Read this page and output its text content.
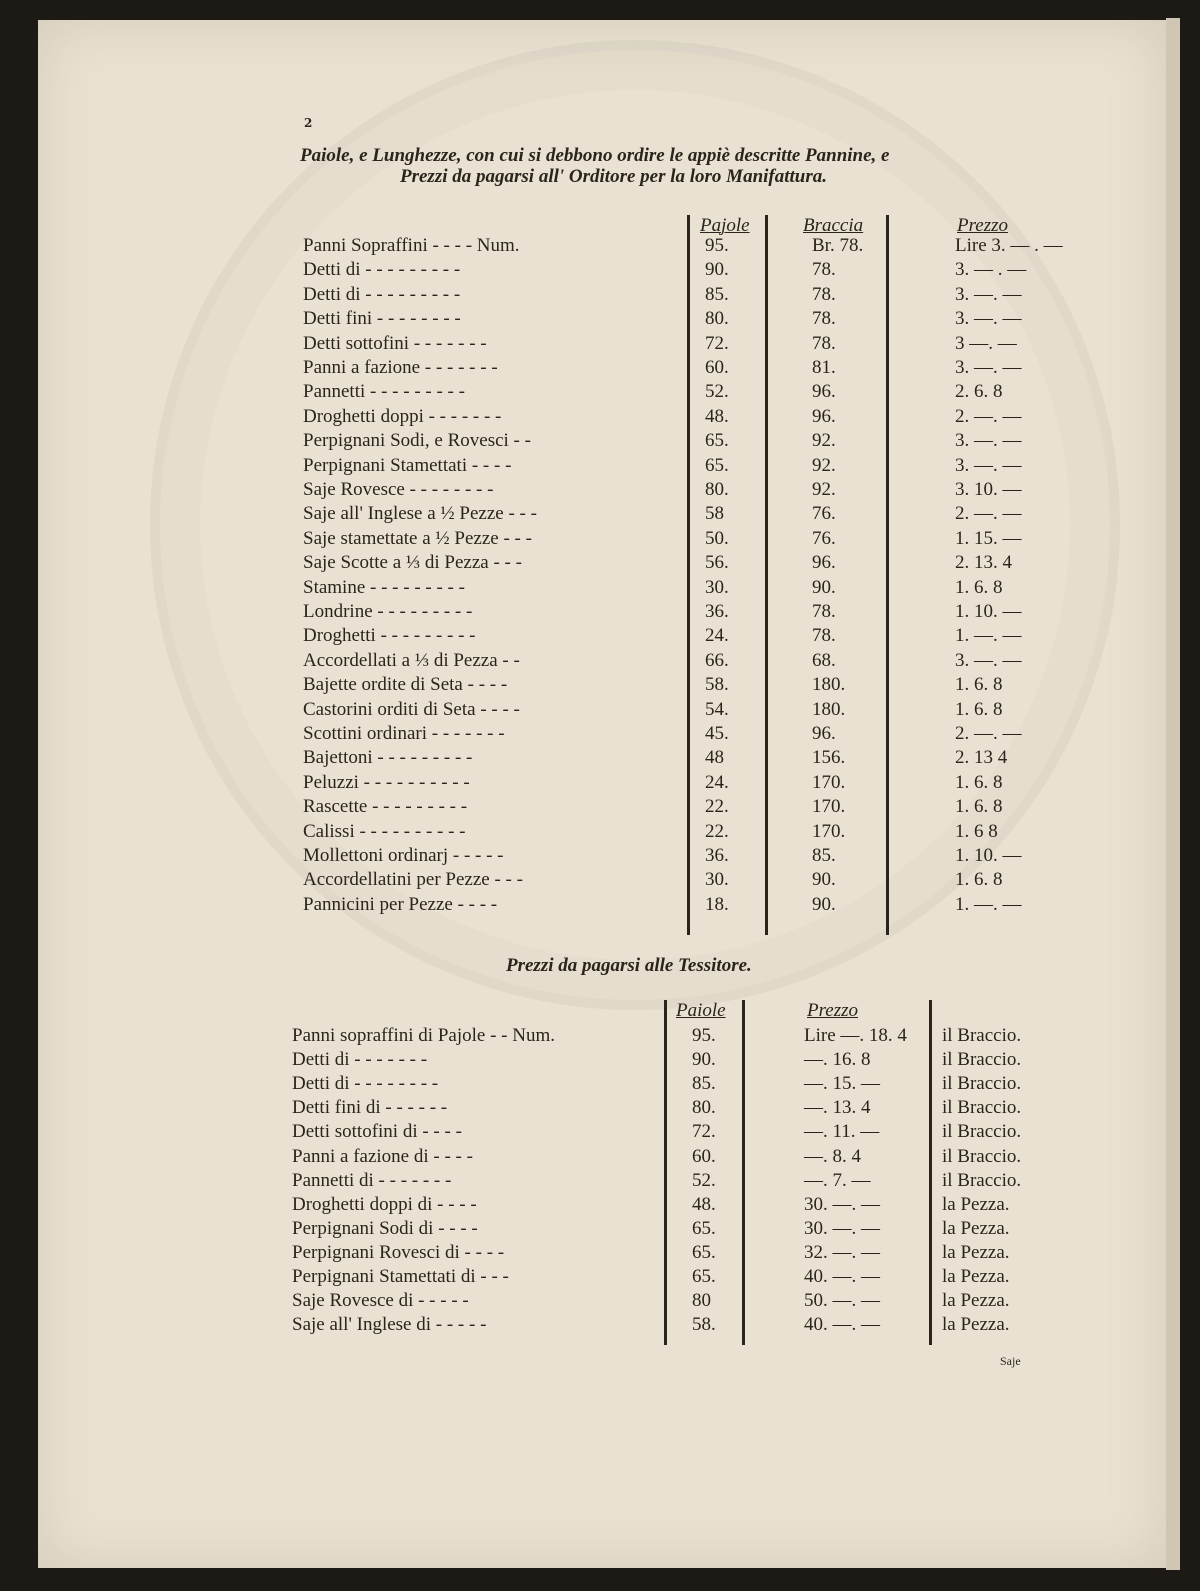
2
Paiole, e Lunghezze, con cui si debbono ordire le appiè descritte Pannine, e
Prezzi da pagarsi all' Orditore per la loro Manifattura.
Pajole	Braccia	Prezzo
Panni Sopraffini - - - - Num.	95.	Br. 78.	Lire 3. — . —
Detti di - - - - - - - - -	90.	78.	3. — . —
Detti di - - - - - - - - -	85.	78.	3. —. —
Detti fini - - - - - - - -	80.	78.	3. —. —
Detti sottofini - - - - - - -	72.	78.	3 —. —
Panni a fazione - - - - - - -	60.	81.	3. —. —
Pannetti - - - - - - - - -	52.	96.	2. 6. 8
Droghetti doppi - - - - - - -	48.	96.	2. —. —
Perpignani Sodi, e Rovesci - -	65.	92.	3. —. —
Perpignani Stamettati - - - -	65.	92.	3. —. —
Saje Rovesce - - - - - - - -	80.	92.	3. 10. —
Saje all' Inglese a ½ Pezze - - -	58	76.	2. —. —
Saje stamettate a ½ Pezze - - -	50.	76.	1. 15. —
Saje Scotte a ⅓ di Pezza - - -	56.	96.	2. 13. 4
Stamine - - - - - - - - -	30.	90.	1. 6. 8
Londrine - - - - - - - - -	36.	78.	1. 10. —
Droghetti - - - - - - - - -	24.	78.	1. —. —
Accordellati a ⅓ di Pezza - -	66.	68.	3. —. —
Bajette ordite di Seta - - - -	58.	180.	1. 6. 8
Castorini orditi di Seta - - - -	54.	180.	1. 6. 8
Scottini ordinari - - - - - - -	45.	96.	2. —. —
Bajettoni - - - - - - - - -	48	156.	2. 13 4
Peluzzi - - - - - - - - - -	24.	170.	1. 6. 8
Rascette - - - - - - - - -	22.	170.	1. 6. 8
Calissi - - - - - - - - - -	22.	170.	1. 6 8
Mollettoni ordinarj - - - - -	36.	85.	1. 10. —
Accordellatini per Pezze - - -	30.	90.	1. 6. 8
Pannicini per Pezze - - - -	18.	90.	1. —. —
Prezzi da pagarsi alle Tessitore.
Paiole	Prezzo
Panni sopraffini di Pajole - - Num.	95.	Lire —. 18. 4 il Braccio.
Detti di - - - - - - -	90.	—. 16. 8	il Braccio.
Detti di - - - - - - - -	85.	—. 15. —	il Braccio.
Detti fini di - - - - - -	80.	—. 13. 4	il Braccio.
Detti sottofini di - - - -	72.	—. 11. —	il Braccio.
Panni a fazione di - - - -	60.	—. 8. 4	il Braccio.
Pannetti di - - - - - - -	52.	—. 7. —	il Braccio.
Droghetti doppi di - - - -	48.	30. —. —	la Pezza.
Perpignani Sodi di - - - -	65.	30. —. —	la Pezza.
Perpignani Rovesci di - - - -	65.	32. —. —	la Pezza.
Perpignani Stamettati di - - -	65.	40. —. —	la Pezza.
Saje Rovesce di - - - - -	80	50. —. —	la Pezza.
Saje all' Inglese di - - - - -	58.	40. —. —	la Pezza.
Saje
